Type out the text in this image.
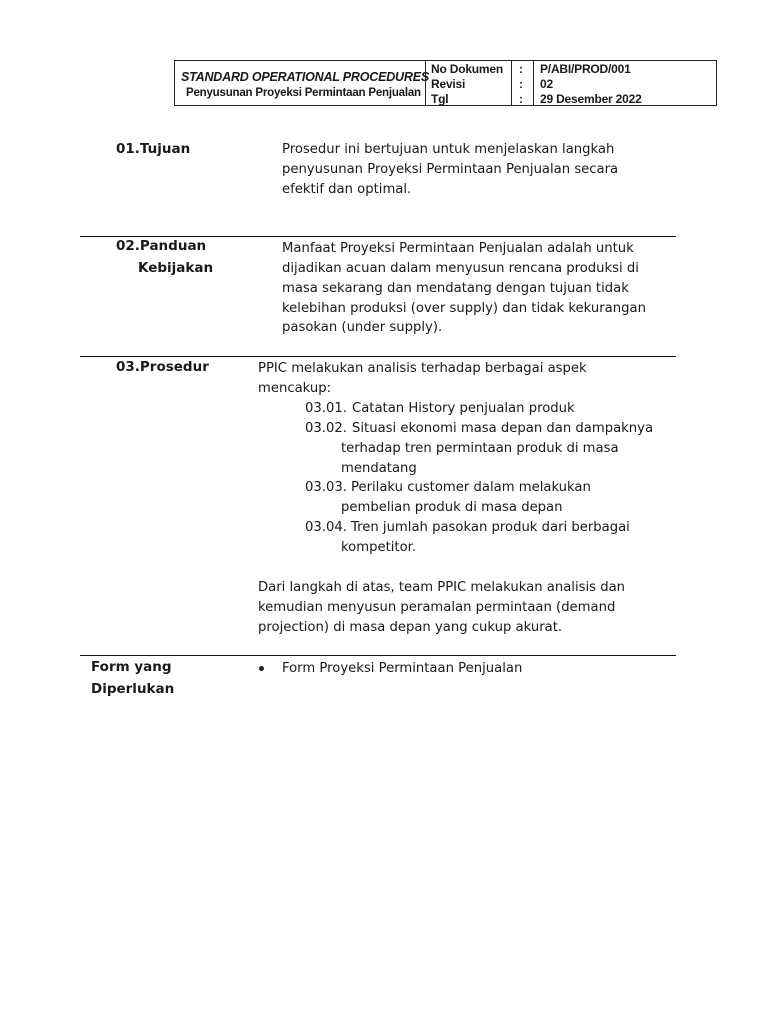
STANDARD OPERATIONAL PROCEDURES
Penyusunan Proyeksi Permintaan Penjualan
No Dokumen
Revisi
Tgl
:
:
:
P/ABI/PROD/001
02
29 Desember 2022
01.Tujuan	Prosedur ini bertujuan untuk menjelaskan langkah
penyusunan Proyeksi Permintaan Penjualan secara
efektif dan optimal.
02.Panduan
Kebijakan
Manfaat Proyeksi Permintaan Penjualan adalah untuk
dijadikan acuan dalam menyusun rencana produksi di
masa sekarang dan mendatang dengan tujuan tidak
kelebihan produksi (over supply) dan tidak kekurangan
pasokan (under supply).
03.Prosedur	PPIC melakukan analisis terhadap berbagai aspek
mencakup:
03.01. Catatan History penjualan produk
03.02. Situasi ekonomi masa depan dan dampaknya
terhadap tren permintaan produk di masa
mendatang
03.03. Perilaku customer dalam melakukan
pembelian produk di masa depan
03.04. Tren jumlah pasokan produk dari berbagai
kompetitor.
Dari langkah di atas, team PPIC melakukan analisis dan
kemudian menyusun peramalan permintaan (demand
projection) di masa depan yang cukup akurat.
Form yang
Diperlukan
Form Proyeksi Permintaan Penjualan
